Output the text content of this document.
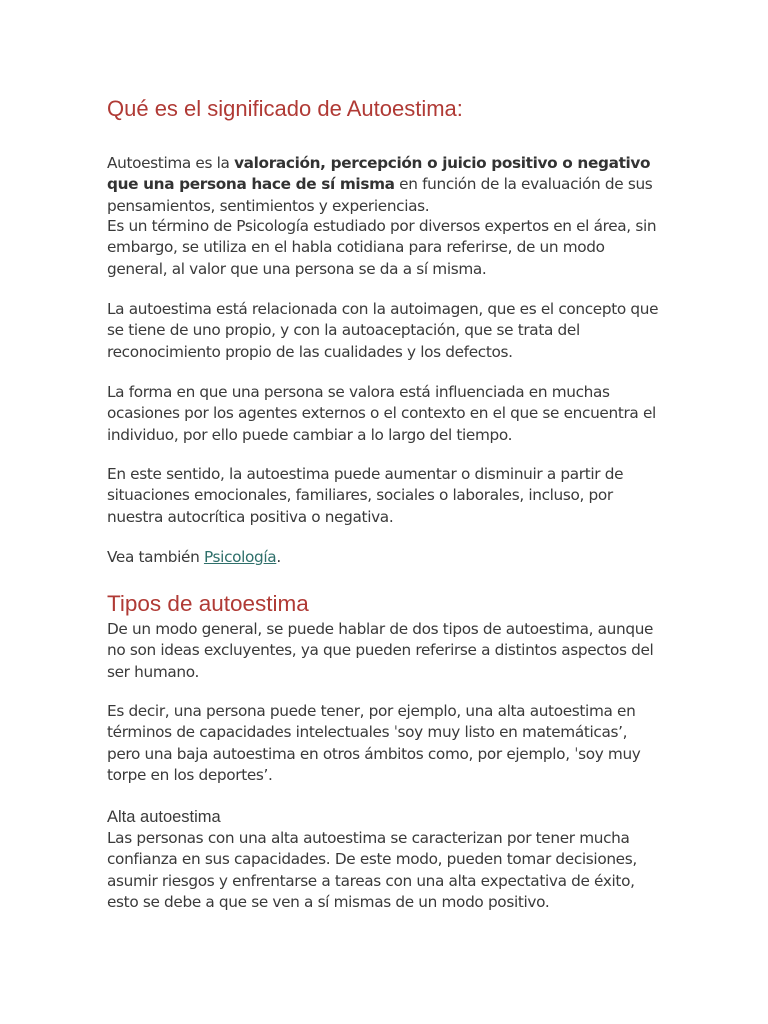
Qué es el significado de Autoestima:

Autoestima es la valoración, percepción o juicio positivo o negativo que una persona hace de sí misma en función de la evaluación de sus pensamientos, sentimientos y experiencias.

Es un término de Psicología estudiado por diversos expertos en el área, sin embargo, se utiliza en el habla cotidiana para referirse, de un modo general, al valor que una persona se da a sí misma.

La autoestima está relacionada con la autoimagen, que es el concepto que se tiene de uno propio, y con la autoaceptación, que se trata del reconocimiento propio de las cualidades y los defectos.

La forma en que una persona se valora está influenciada en muchas ocasiones por los agentes externos o el contexto en el que se encuentra el individuo, por ello puede cambiar a lo largo del tiempo.

En este sentido, la autoestima puede aumentar o disminuir a partir de situaciones emocionales, familiares, sociales o laborales, incluso, por nuestra autocrítica positiva o negativa.

Vea también Psicología.

Tipos de autoestima

De un modo general, se puede hablar de dos tipos de autoestima, aunque no son ideas excluyentes, ya que pueden referirse a distintos aspectos del ser humano.

Es decir, una persona puede tener, por ejemplo, una alta autoestima en términos de capacidades intelectuales ˈsoy muy listo en matemáticas’, pero una baja autoestima en otros ámbitos como, por ejemplo, ˈsoy muy torpe en los deportes’.

Alta autoestima

Las personas con una alta autoestima se caracterizan por tener mucha confianza en sus capacidades. De este modo, pueden tomar decisiones, asumir riesgos y enfrentarse a tareas con una alta expectativa de éxito, esto se debe a que se ven a sí mismas de un modo positivo.
